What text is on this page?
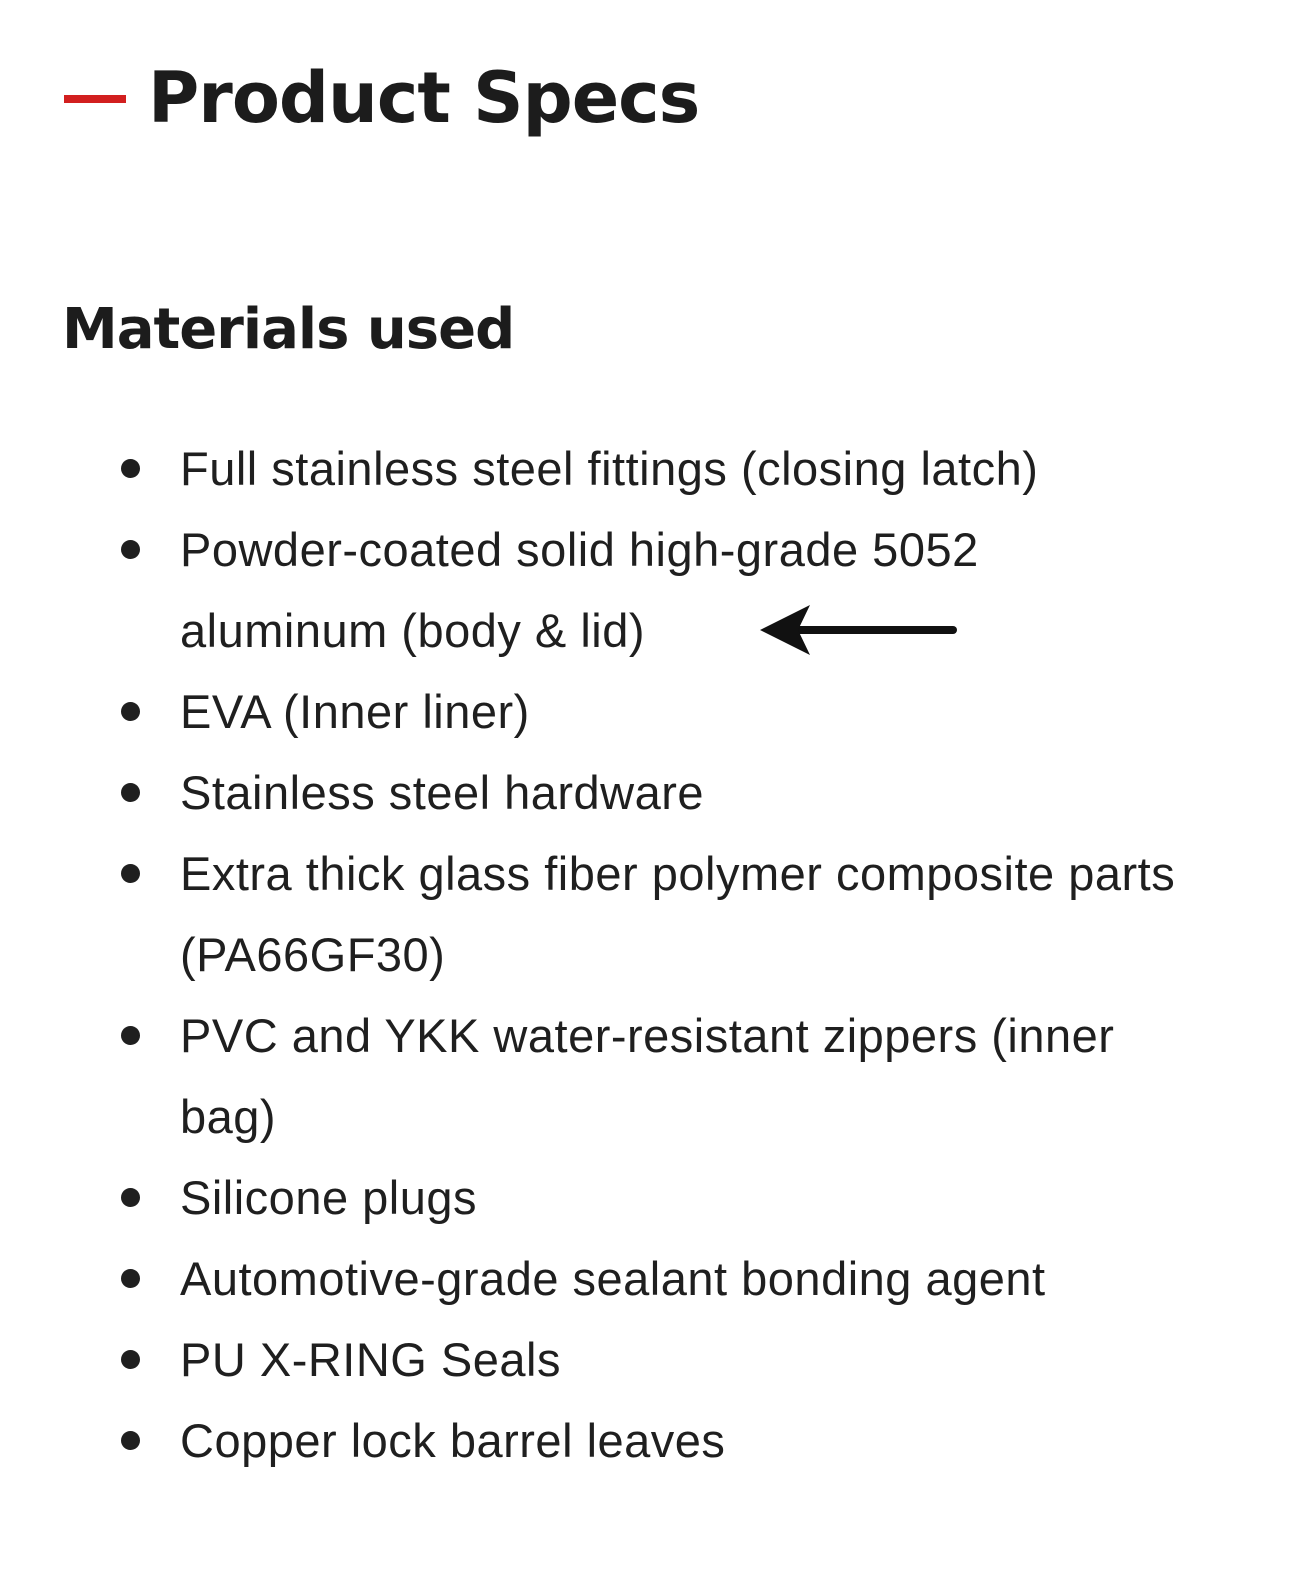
Product Specs
Materials used
Full stainless steel fittings (closing latch)
Powder-coated solid high-grade 5052 aluminum (body & lid)
EVA (Inner liner)
Stainless steel hardware
Extra thick glass fiber polymer composite parts (PA66GF30)
PVC and YKK water-resistant zippers (inner bag)
Silicone plugs
Automotive-grade sealant bonding agent
PU X-RING Seals
Copper lock barrel leaves
